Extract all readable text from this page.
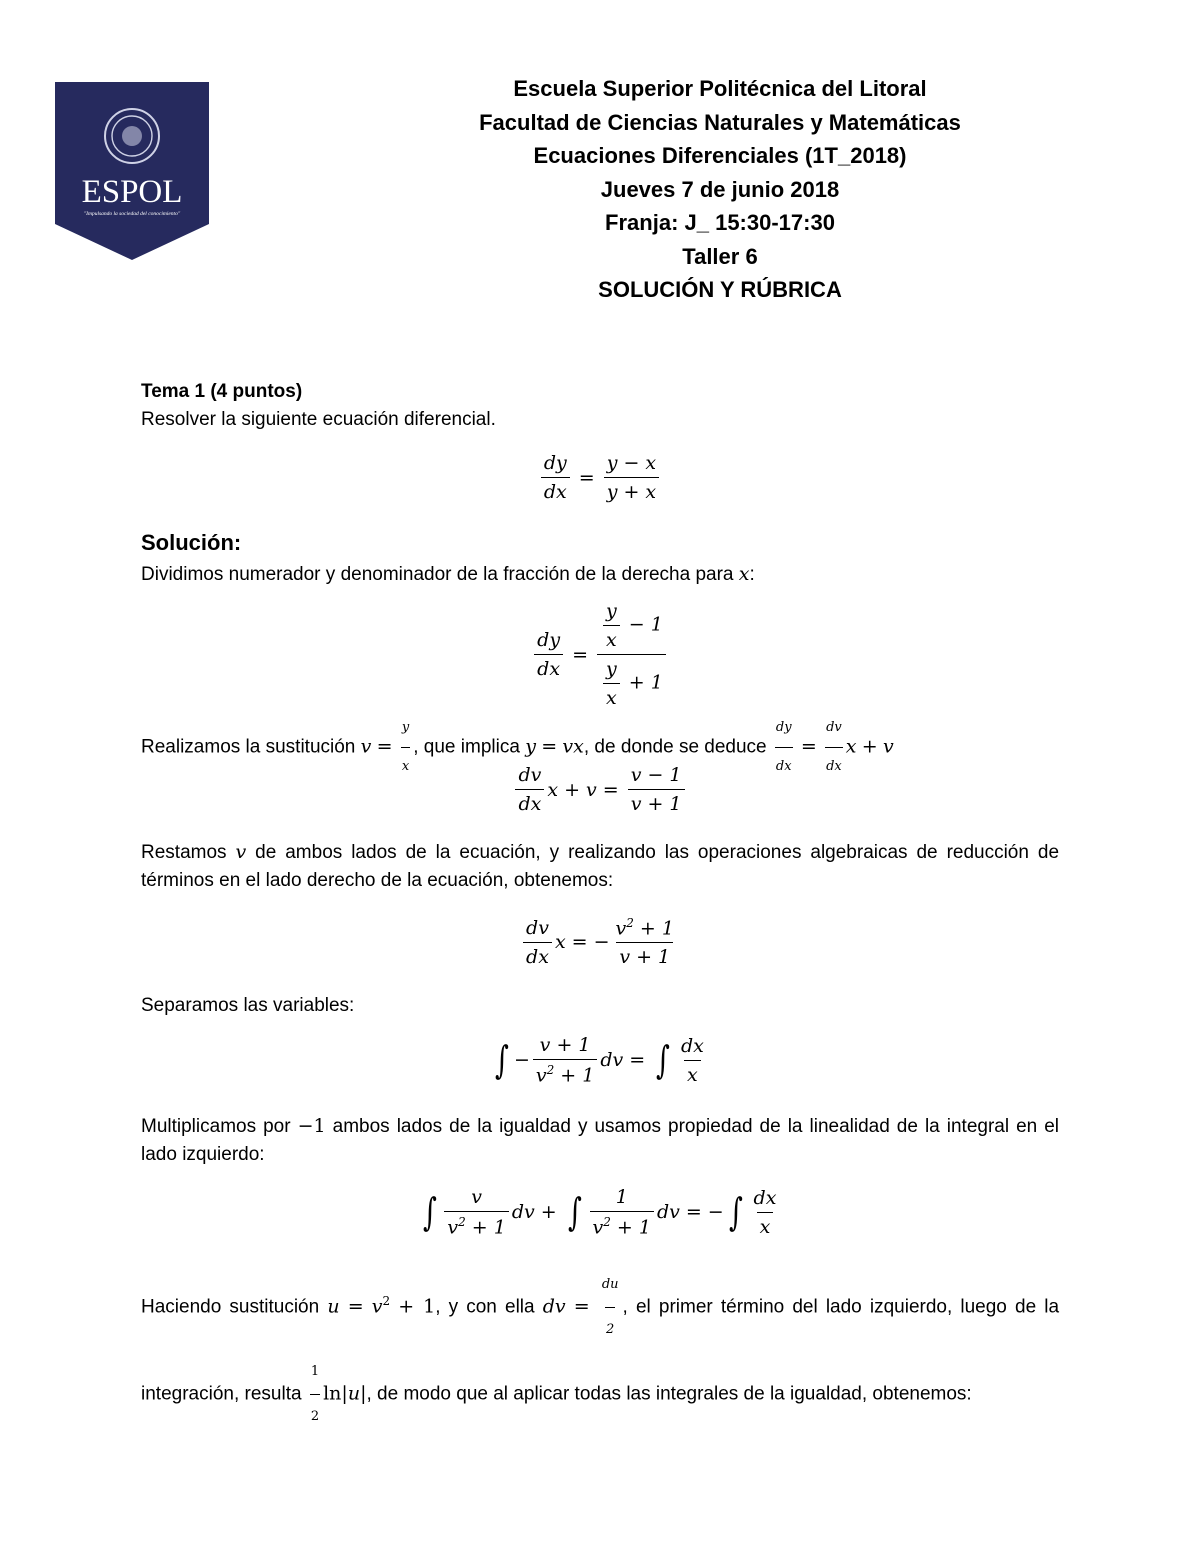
ESPOL
"Impulsando la sociedad del conocimiento"
Escuela Superior Politécnica del Litoral
Facultad de Ciencias Naturales y Matemáticas
Ecuaciones Diferenciales (1T_2018)
Jueves 7 de junio 2018
Franja: J_ 15:30-17:30
Taller 6
SOLUCIÓN Y RÚBRICA
Tema 1 (4 puntos)
Resolver la siguiente ecuación diferencial.
$\frac{dy}{dx} = \frac{y - x}{y + x}$
Solución:
Dividimos numerador y denominador de la fracción de la derecha para x:
$\frac{dy}{dx} = \frac{\frac{y}{x} - 1}{\frac{y}{x} + 1}$
Realizamos la sustitución $v = \frac{y}{x}$ , que implica y = vx, de donde se deduce $\frac{dy}{dx} = \frac{dv}{dx}$ x + v
$\frac{dv}{dx}$ $x + v = \frac{v - 1}{v + 1}$
Restamos v de ambos lados de la ecuación, y realizando las operaciones algebraicas de reducción de términos en el lado derecho de la ecuación, obtenemos:
$\frac{dv}{dx}$ x = − $\frac{v^2 + 1}{v + 1}$
Separamos las variables:
∫ − $\frac{v + 1}{v^2 + 1}$ dv = ∫ $\frac{dx}{x}$
Multiplicamos por −1 ambos lados de la igualdad y usamos propiedad de la linealidad de la integral en el lado izquierdo:
∫ $\frac{v}{v^2 + 1}$ dv + ∫ $\frac{1}{v^2 + 1}$ dv = − ∫ $\frac{dx}{x}$
Haciendo sustitución $u = v^2 + 1$, y con ella dv = $\frac{du}{2}$ , el primer término del lado izquierdo, luego de la integración, resulta $\frac{1}{2} \ln|u|$, de modo que al aplicar todas las integrales de la igualdad, obtenemos:
